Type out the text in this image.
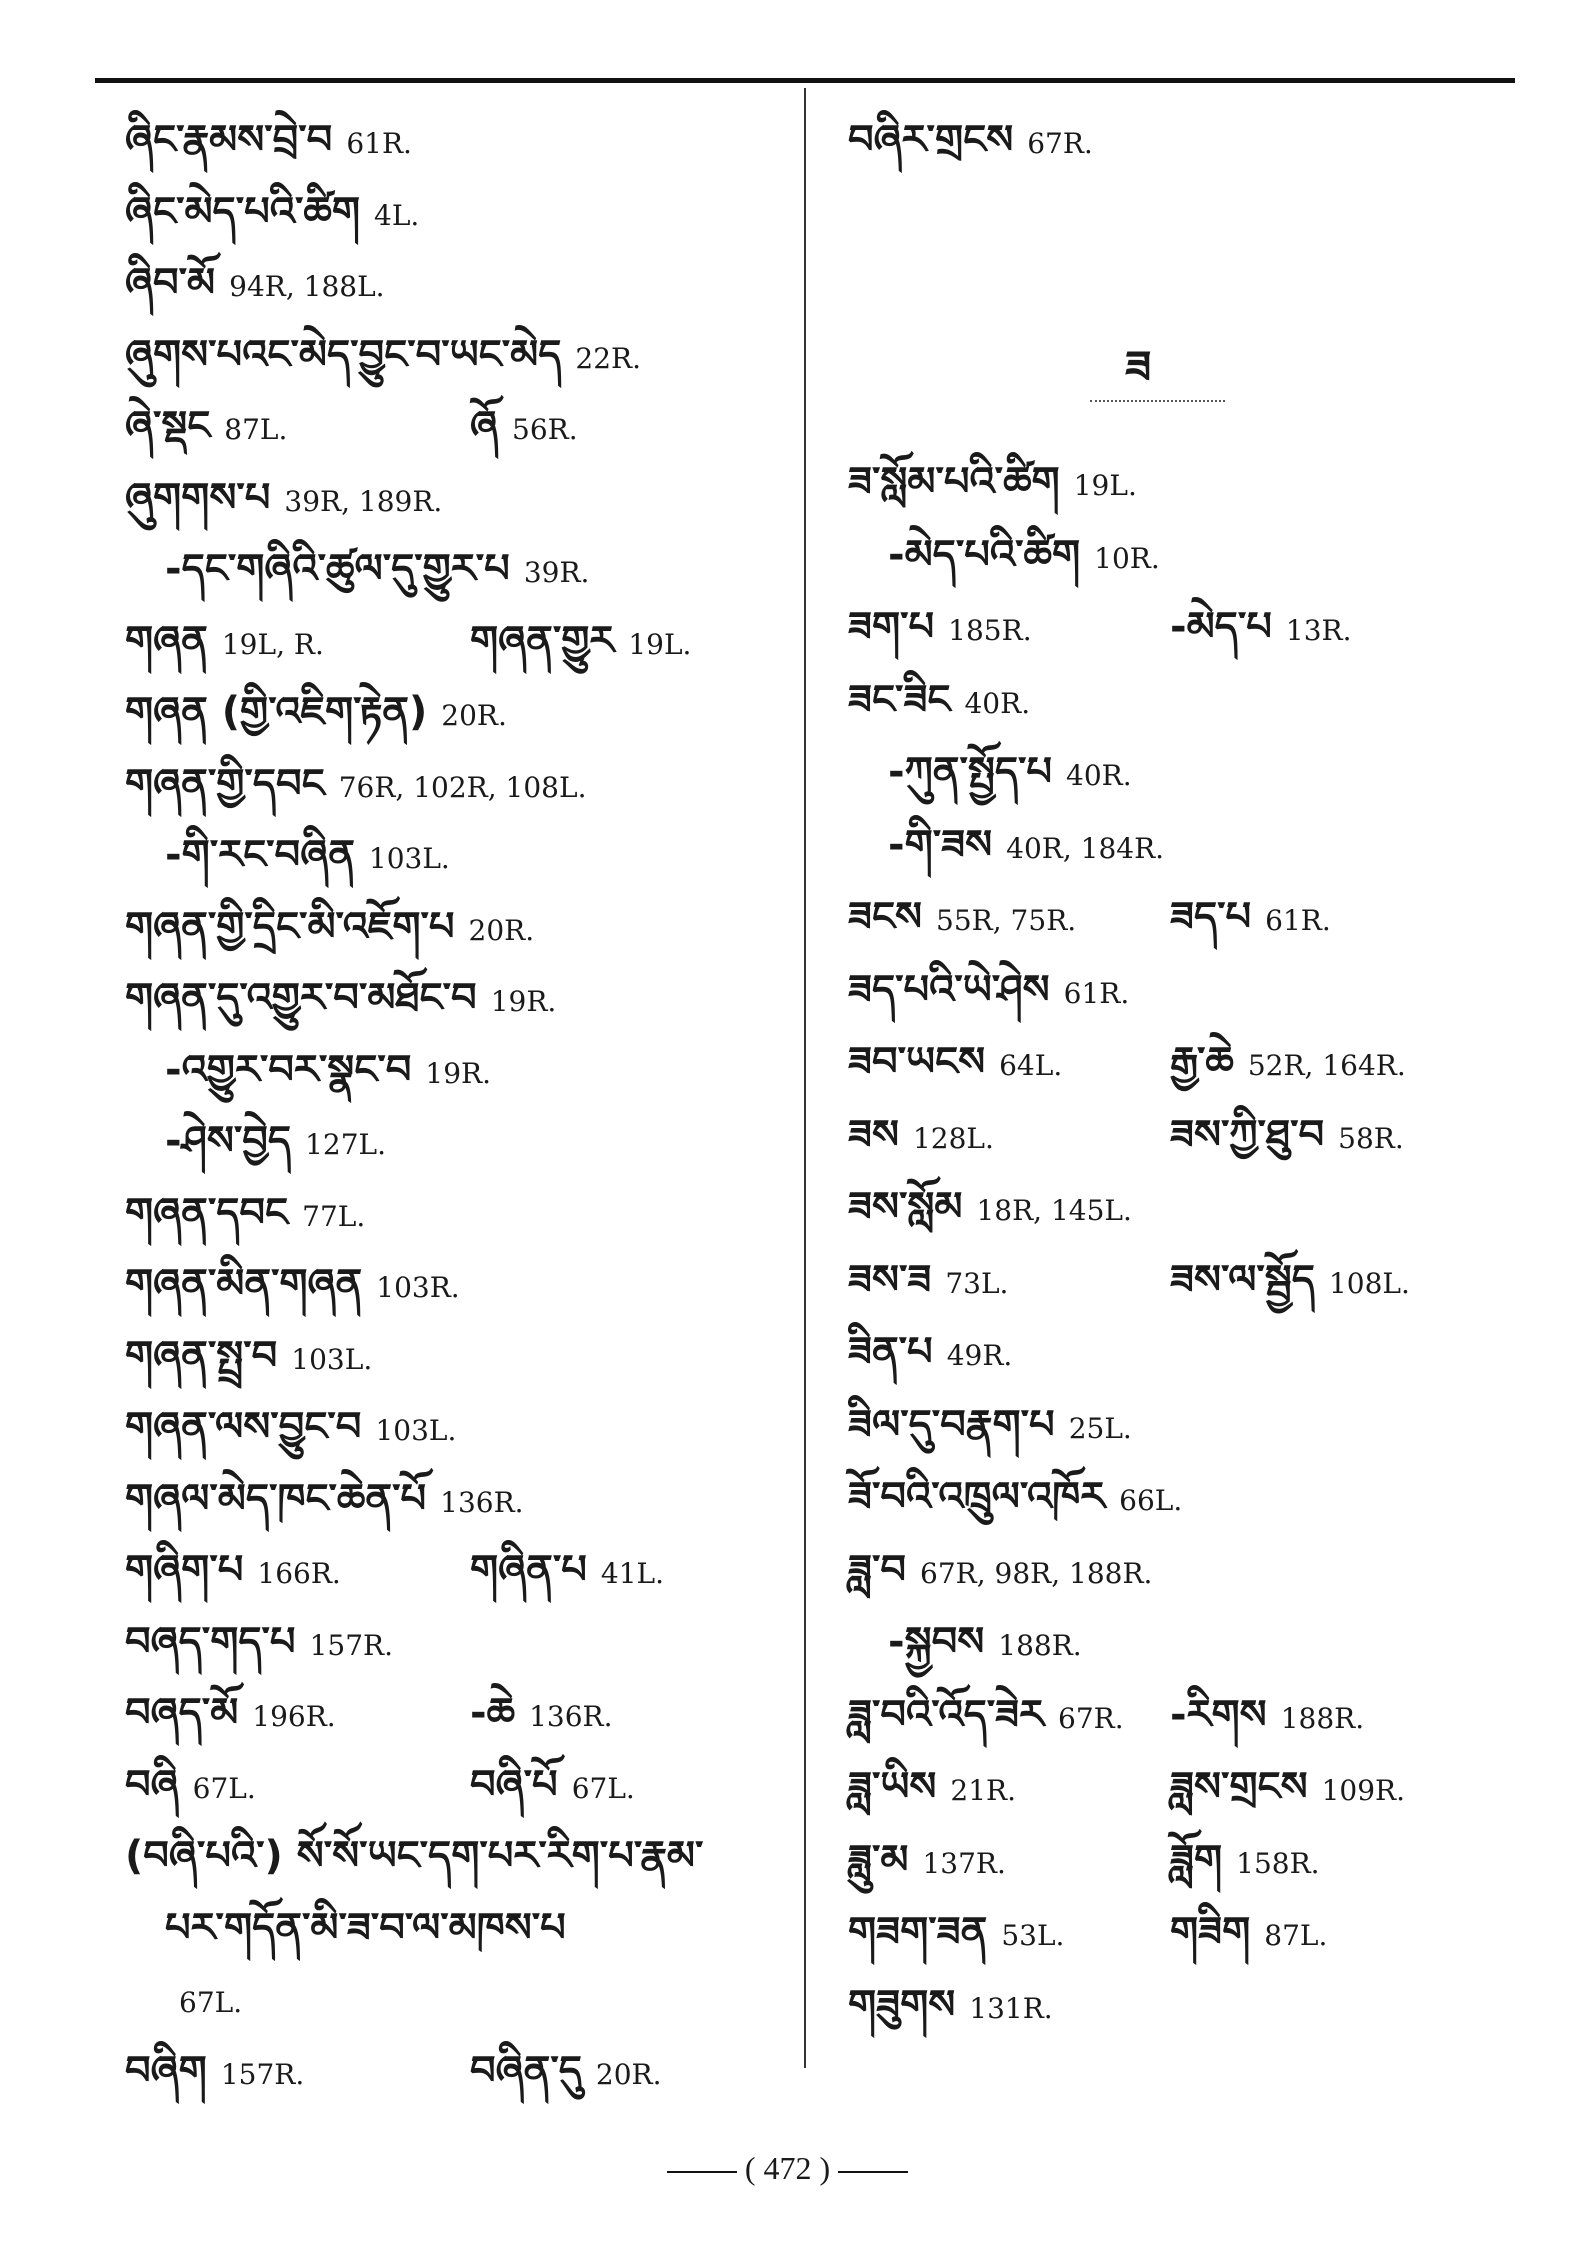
ཞིང་རྣམས་བྲེ་བ 61R.
ཞིང་མེད་པའི་ཚིག 4L.
ཞིབ་མོ 94R, 188L.
ཞུགས་པའང་མེད་བྱུང་བ་ཡང་མེད 22R.
ཞེ་སྡང 87L.	ཞོ 56R.
ཞུགགས་པ 39R, 189R.
-དང་གཞིའི་ཚུལ་དུ་གྱུར་པ 39R.
གཞན 19L, R.	གཞན་གྱུར 19L.
གཞན (གྱི་འཇིག་རྟེན) 20R.
གཞན་གྱི་དབང 76R, 102R, 108L.
-གི་རང་བཞིན 103L.
གཞན་གྱི་དྲིང་མི་འཇོག་པ 20R.
གཞན་དུ་འགྱུར་བ་མཐོང་བ 19R.
-འགྱུར་བར་སྣང་བ 19R.
-ཤེས་བྱེད 127L.
གཞན་དབང 77L.
གཞན་མིན་གཞན 103R.
གཞན་སྤྲ་བ 103L.
གཞན་ལས་བྱུང་བ 103L.
གཞལ་མེད་ཁང་ཆེན་པོ 136R.
གཞིག་པ 166R.	གཞིན་པ 41L.
བཞད་གད་པ 157R.
བཞད་མོ 196R.	-ཆེ 136R.
བཞི 67L.	བཞི་པོ 67L.
(བཞི་པའི་) སོ་སོ་ཡང་དག་པར་རིག་པ་རྣམ་
པར་གདོན་མི་ཟ་བ་ལ་མཁས་པ
67L.
བཞིག 157R.	བཞིན་དུ 20R.
བཞིར་གྲངས 67R.
ཟ
ཟ་སློམ་པའི་ཚིག 19L.
-མེད་པའི་ཚིག 10R.
ཟག་པ 185R.	-མེད་པ 13R.
ཟང་ཟིང 40R.
-ཀུན་སྤྱོད་པ 40R.
-གི་ཟས 40R, 184R.
ཟངས 55R, 75R. ཟད་པ 61R.
ཟད་པའི་ཡེ་ཤེས 61R.
ཟབ་ཡངས 64L.	རྒྱ་ཆེ 52R, 164R.
ཟས 128L.	ཟས་ཀྱི་ཐུ་བ 58R.
ཟས་སློམ 18R, 145L.
ཟས་ཟ 73L.	ཟས་ལ་སྦྱོད 108L.
ཟིན་པ 49R.
ཟིལ་དུ་བརྣག་པ 25L.
ཟོ་བའི་འཁྲུལ་འཁོར 66L.
ཟླ་བ 67R, 98R, 188R.
-སྐྱབས 188R.
ཟླ་བའི་འོད་ཟེར 67R. -རིགས 188R.
ཟླ་ཡིས 21R.	ཟླས་གྲངས 109R.
ཟླུ་མ 137R.	ཟློག 158R.
གཟག་ཟན 53L.	གཟིག 87L.
གཟུགས 131R.
( 472 )
